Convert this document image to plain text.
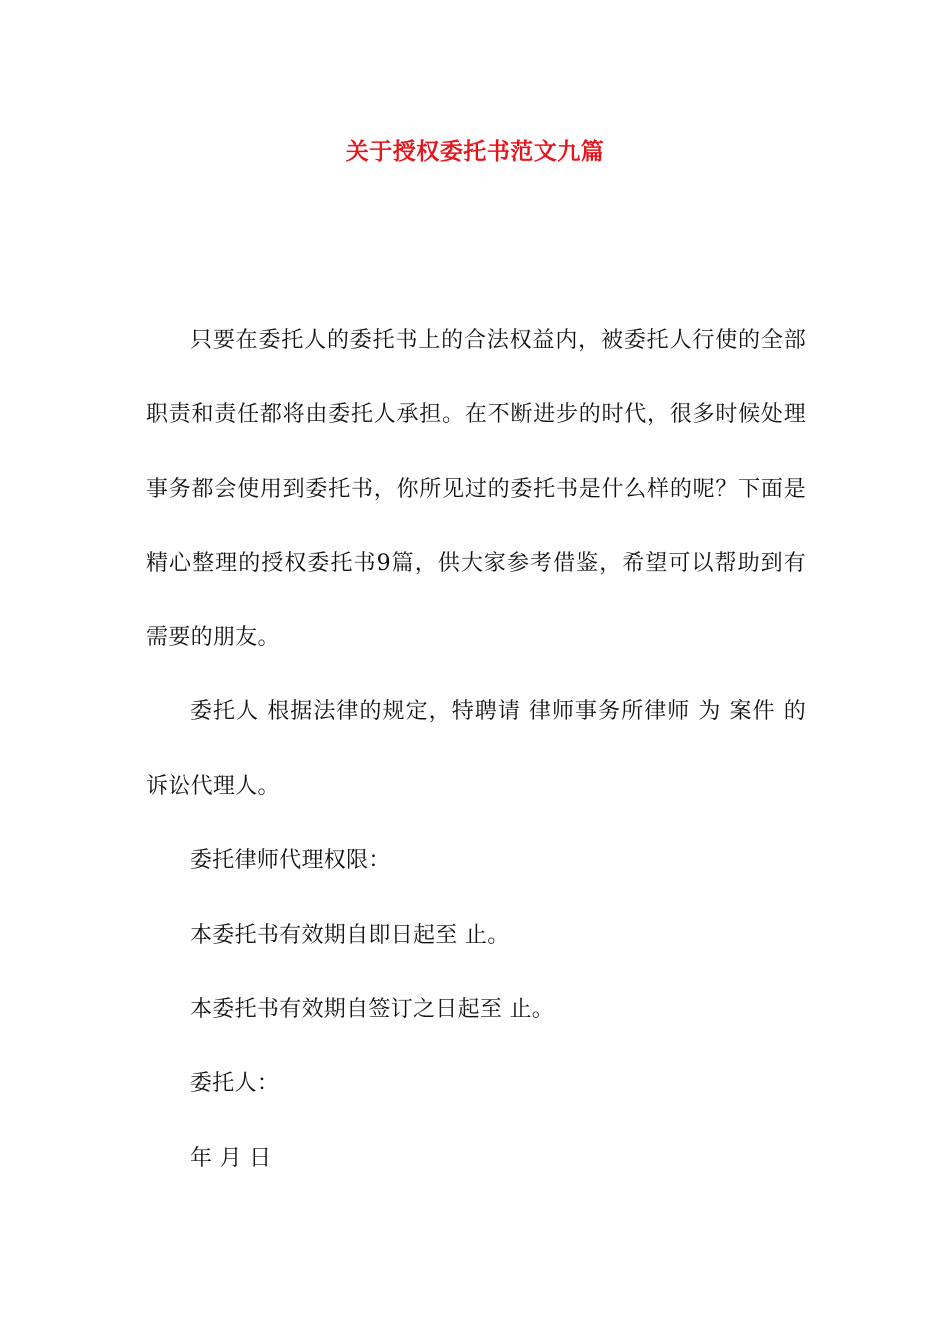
关于授权委托书范文九篇
只要在委托人的委托书上的合法权益内，被委托人行使的全部
职责和责任都将由委托人承担。在不断进步的时代，很多时候处理
事务都会使用到委托书，你所见过的委托书是什么样的呢？下面是
精心整理的授权委托书9篇，供大家参考借鉴，希望可以帮助到有
需要的朋友。
委托人 根据法律的规定，特聘请 律师事务所律师 为 案件 的
诉讼代理人。
委托律师代理权限：
本委托书有效期自即日起至 止。
本委托书有效期自签订之日起至 止。
委托人：
年 月 日
